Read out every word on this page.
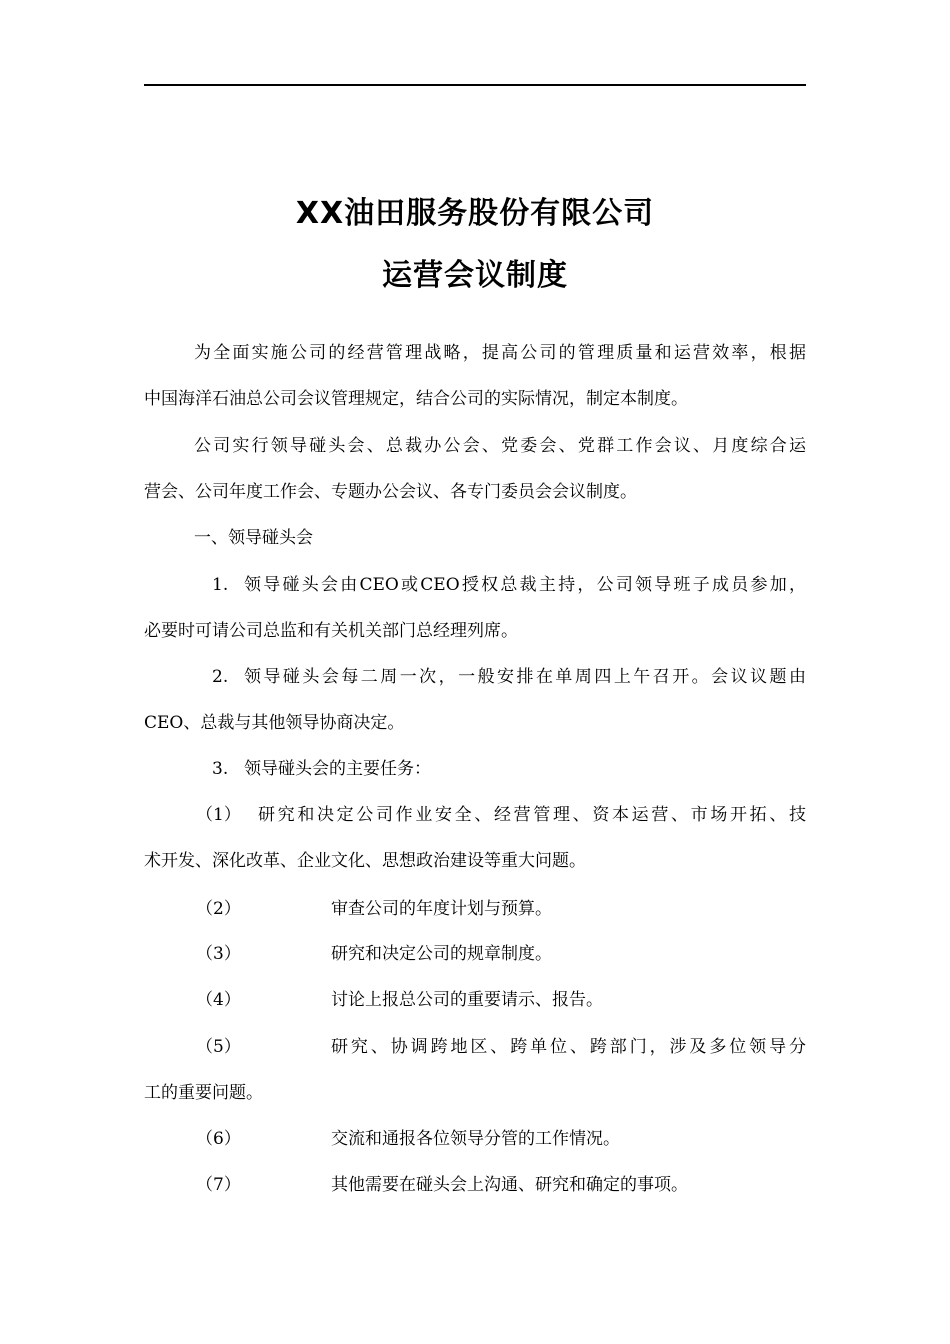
XX油田服务股份有限公司
运营会议制度
为全面实施公司的经营管理战略，提高公司的管理质量和运营效率，根据
中国海洋石油总公司会议管理规定，结合公司的实际情况，制定本制度。
公司实行领导碰头会、总裁办公会、党委会、党群工作会议、月度综合运
营会、公司年度工作会、专题办公会议、各专门委员会会议制度。
一、领导碰头会
1. 领导碰头会由CEO或CEO授权总裁主持，公司领导班子成员参加，
必要时可请公司总监和有关机关部门总经理列席。
2. 领导碰头会每二周一次，一般安排在单周四上午召开。会议议题由
CEO、总裁与其他领导协商决定。
3. 领导碰头会的主要任务：
（1） 研究和决定公司作业安全、经营管理、资本运营、市场开拓、技
术开发、深化改革、企业文化、思想政治建设等重大问题。
（2）	审查公司的年度计划与预算。
（3）	研究和决定公司的规章制度。
（4）	讨论上报总公司的重要请示、报告。
（5）	研究、协调跨地区、跨单位、跨部门，涉及多位领导分
工的重要问题。
（6）	交流和通报各位领导分管的工作情况。
（7）	其他需要在碰头会上沟通、研究和确定的事项。
